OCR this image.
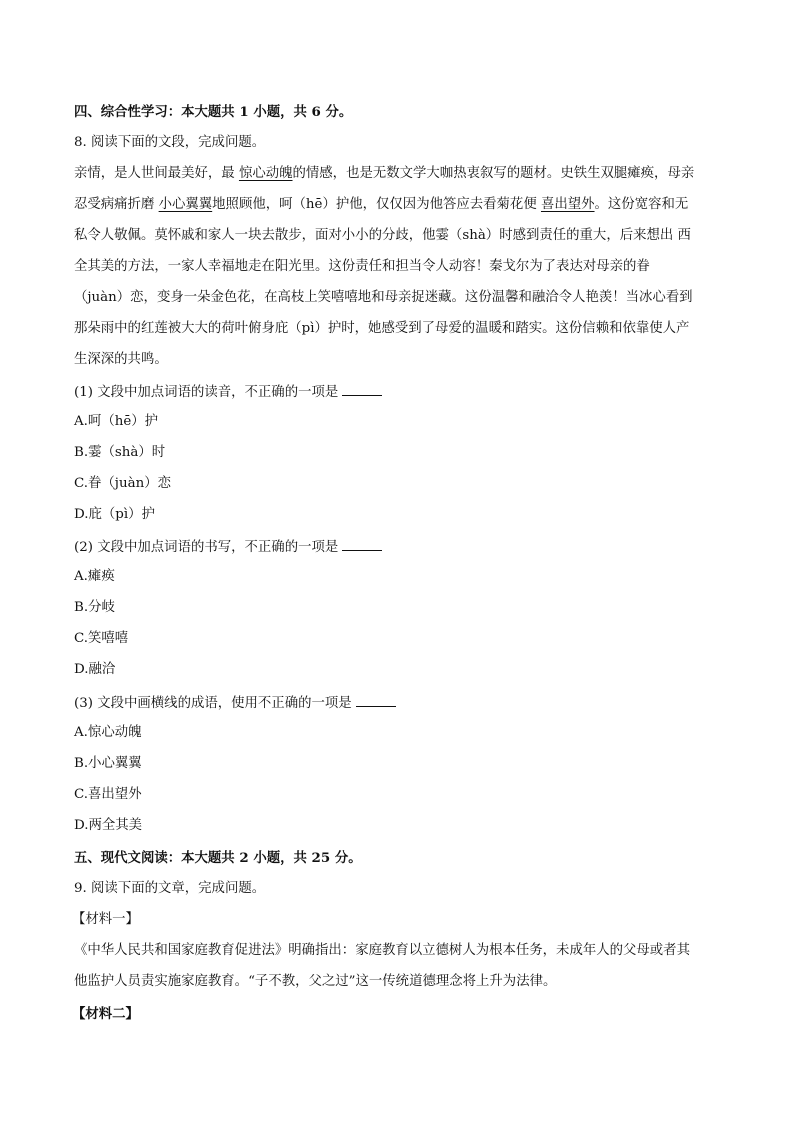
四、综合性学习：本大题共 1 小题，共 6 分。
8. 阅读下面的文段，完成问题。
亲情，是人世间最美好，最 惊心动魄的情感，也是无数文学大咖热衷叙写的题材。史铁生双腿瘫痪，母亲
忍受病痛折磨 小心翼翼地照顾他，呵（hē）护他，仅仅因为他答应去看菊花便 喜出望外。这份宽容和无
私令人敬佩。莫怀戚和家人一块去散步，面对小小的分歧，他霎（shà）时感到责任的重大，后来想出 西
全其美的方法，一家人幸福地走在阳光里。这份责任和担当令人动容！秦戈尔为了表达对母亲的眷
（juàn）恋，变身一朵金色花，在高枝上笑嘻嘻地和母亲捉迷藏。这份温馨和融洽令人艳羡！当冰心看到
那朵雨中的红莲被大大的荷叶俯身庇（pì）护时，她感受到了母爱的温暖和踏实。这份信赖和依靠使人产
生深深的共鸣。
(1) 文段中加点词语的读音，不正确的一项是
A.呵（hē）护
B.霎（shà）时
C.眷（juàn）恋
D.庇（pì）护
(2) 文段中加点词语的书写，不正确的一项是
A.瘫痪
B.分岐
C.笑嘻嘻
D.融洽
(3) 文段中画横线的成语，使用不正确的一项是
A.惊心动魄
B.小心翼翼
C.喜出望外
D.两全其美
五、现代文阅读：本大题共 2 小题，共 25 分。
9. 阅读下面的文章，完成问题。
【材料一】
《中华人民共和国家庭教育促进法》明确指出：家庭教育以立德树人为根本任务，未成年人的父母或者其
他监护人员责实施家庭教育。“子不教，父之过”这一传统道德理念将上升为法律。
【材料二】
